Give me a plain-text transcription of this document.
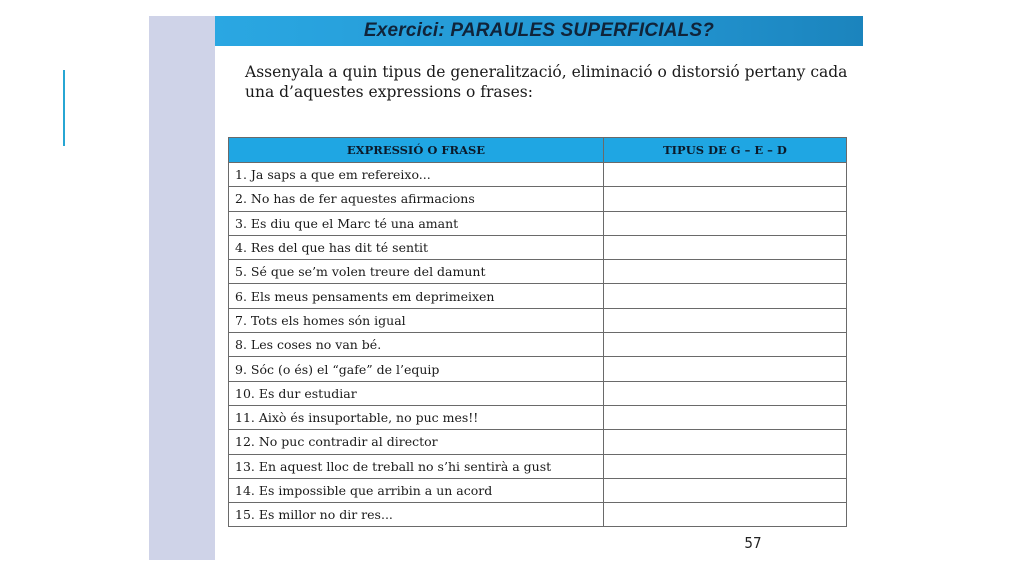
Exercici: PARAULES SUPERFICIALS?
Assenyala a quin tipus de generalització, eliminació o distorsió pertany cada una d’aquestes expressions o frases:
EXPRESSIÓ O FRASE	TIPUS DE G – E – D
1. Ja saps a que em refereixo...	
2. No has de fer aquestes afirmacions	
3. Es diu que el Marc té una amant	
4. Res del que has dit té sentit	
5. Sé que se’m volen treure del damunt	
6. Els meus pensaments em deprimeixen	
7. Tots els homes són igual	
8. Les coses no van bé.	
9. Sóc (o és) el “gafe” de l’equip	
10. Es dur estudiar	
11. Això és insuportable, no puc mes!!	
12. No puc contradir al director	
13. En aquest lloc de treball no s’hi sentirà a gust	
14. Es impossible que arribin a un acord	
15. Es millor no dir res...	
57
